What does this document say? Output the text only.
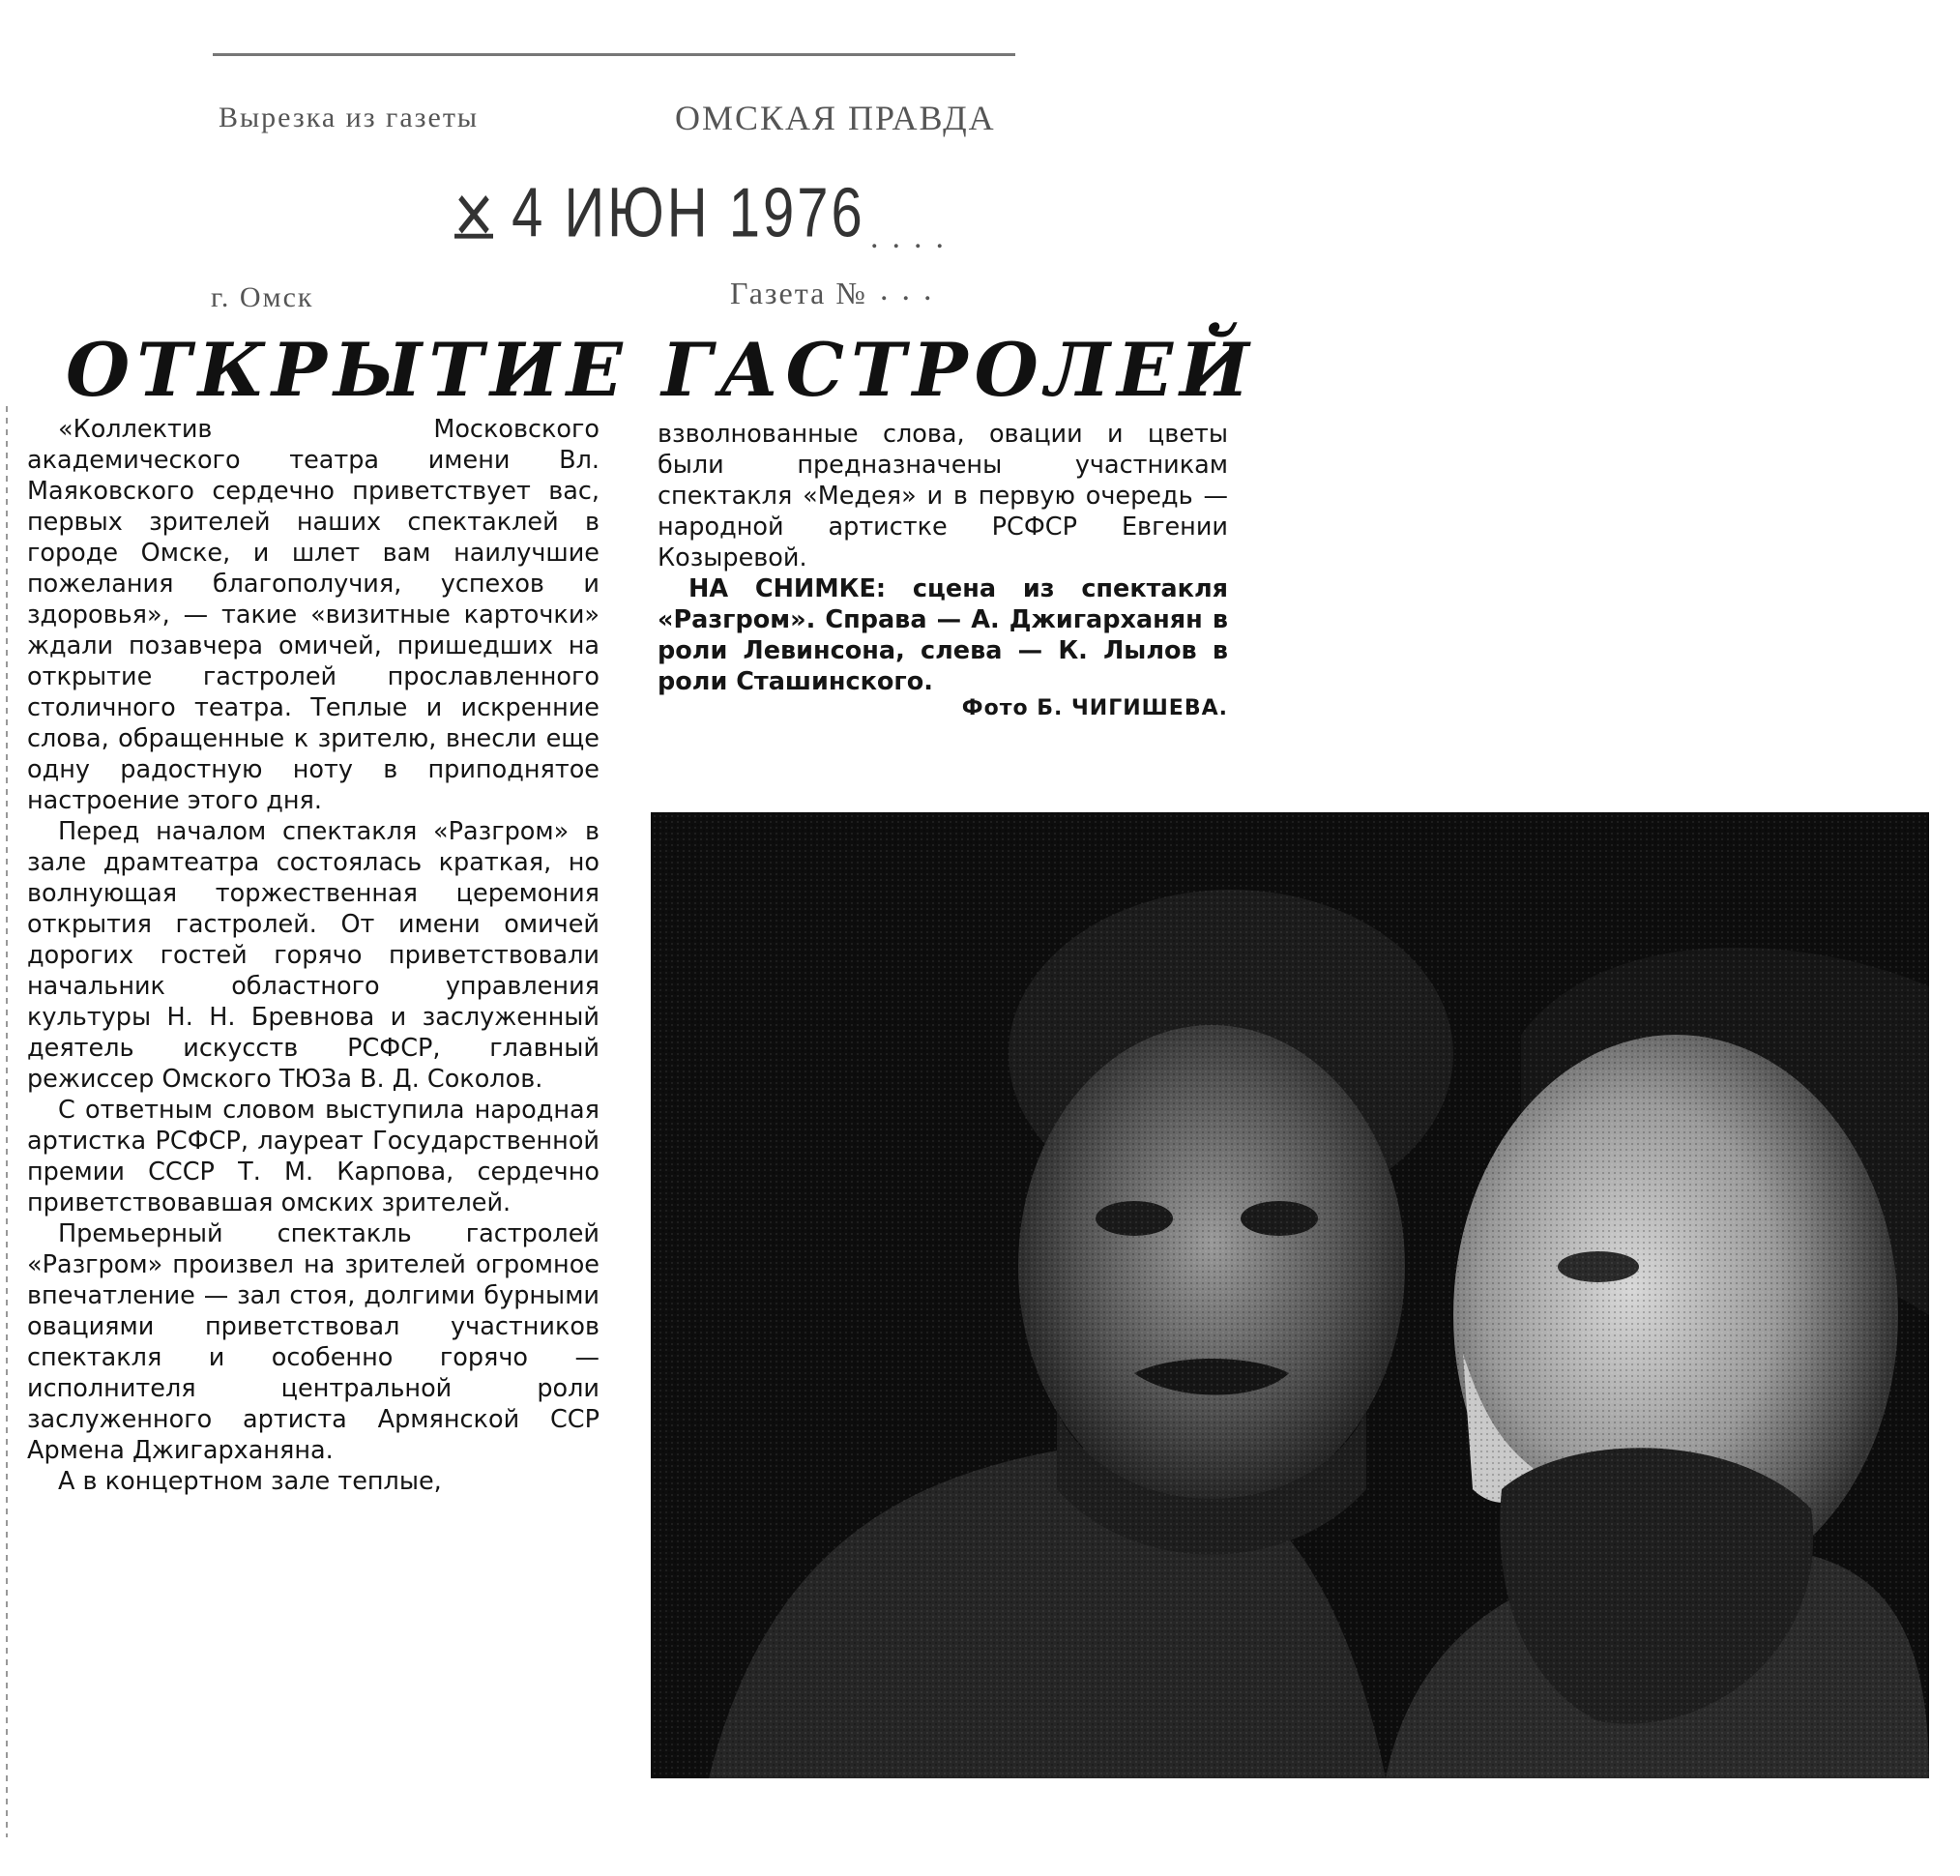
Вырезка из газеты	ОМСКАЯ ПРАВДА
г. Омск	Газета № ...
....
4 ИЮН 1976
ОТКРЫТИЕ ГАСТРОЛЕЙ

«Коллектив Московского академического театра имени Вл. Маяковского сердечно приветствует вас, первых зрителей наших спектаклей в городе Омске, и шлет вам наилучшие пожелания благополучия, успехов и здоровья», — такие «визитные карточки» ждали позавчера омичей, пришедших на открытие гастролей прославленного столичного театра. Теплые и искренние слова, обращенные к зрителю, внесли еще одну радостную ноту в приподнятое настроение этого дня.

Перед началом спектакля «Разгром» в зале драмтеатра состоялась краткая, но волнующая торжественная церемония открытия гастролей. От имени омичей дорогих гостей горячо приветствовали начальник областного управления культуры Н. Н. Бревнова и заслуженный деятель искусств РСФСР, главный режиссер Омского ТЮЗа В. Д. Соколов.

С ответным словом выступила народная артистка РСФСР, лауреат Государственной премии СССР Т. М. Карпова, сердечно приветствовавшая омских зрителей.

Премьерный спектакль гастролей «Разгром» произвел на зрителей огромное впечатление — зал стоя, долгими бурными овациями приветствовал участников спектакля и особенно горячо — исполнителя центральной роли заслуженного артиста Армянской ССР Армена Джигарханяна.

А в концертном зале теплые,

взволнованные слова, овации и цветы были предназначены участникам спектакля «Медея» и в первую очередь — народной артистке РСФСР Евгении Козыревой.

НА СНИМКЕ: сцена из спектакля «Разгром». Справа — А. Джигарханян в роли Левинсона, слева — К. Лылов в роли Сташинского.

Фото Б. ЧИГИШЕВА.
